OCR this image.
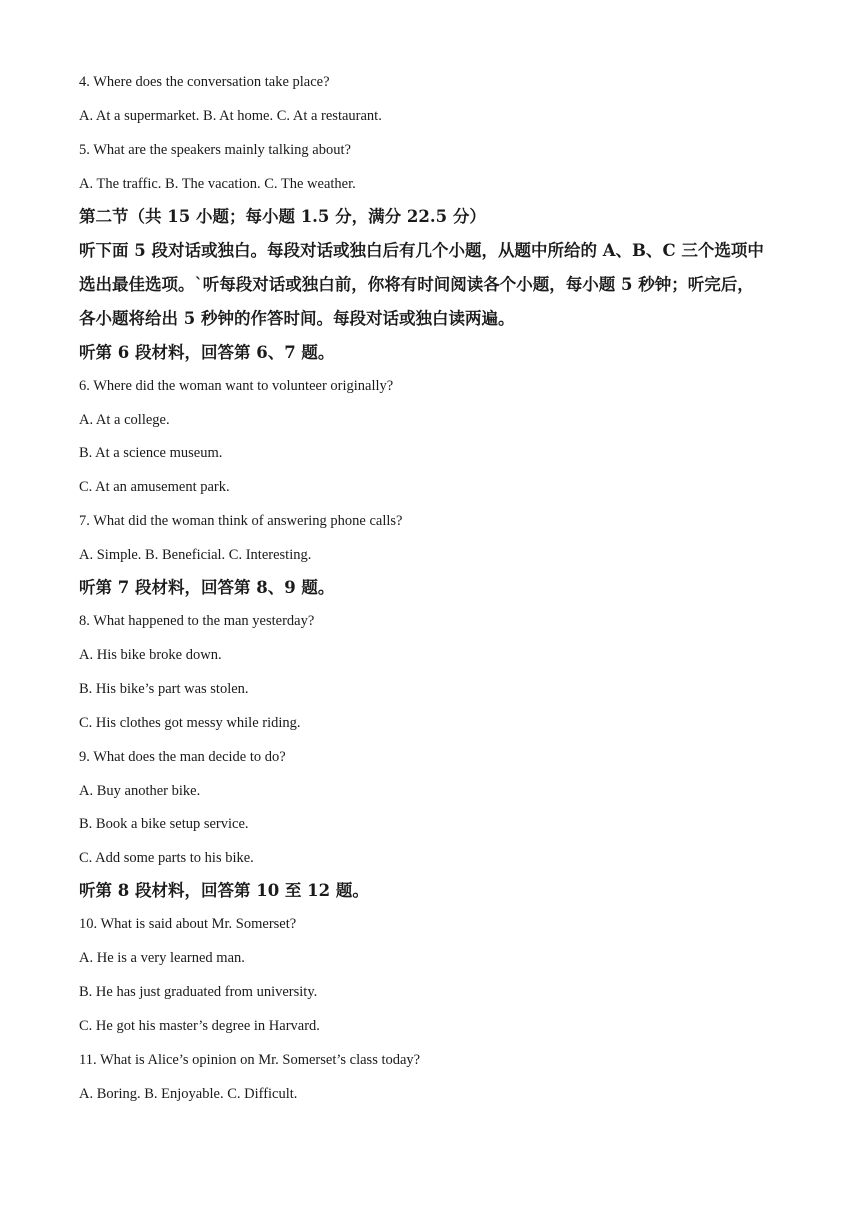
4. Where does the conversation take place?
A. At a supermarket. B. At home. C. At a restaurant.
5. What are the speakers mainly talking about?
A. The traffic. B. The vacation. C. The weather.
第二节（共 15 小题；每小题 1.5 分，满分 22.5 分）
听下面 5 段对话或独白。每段对话或独白后有几个小题，从题中所给的 A、B、C 三个选项中
选出最佳选项。`听每段对话或独白前，你将有时间阅读各个小题，每小题 5 秒钟；听完后，
各小题将给出 5 秒钟的作答时间。每段对话或独白读两遍。
听第 6 段材料，回答第 6、7 题。
6. Where did the woman want to volunteer originally?
A. At a college.
B. At a science museum.
C. At an amusement park.
7. What did the woman think of answering phone calls?
A. Simple. B. Beneficial. C. Interesting.
听第 7 段材料，回答第 8、9 题。
8. What happened to the man yesterday?
A. His bike broke down.
B. His bike’s part was stolen.
C. His clothes got messy while riding.
9. What does the man decide to do?
A. Buy another bike.
B. Book a bike setup service.
C. Add some parts to his bike.
听第 8 段材料，回答第 10 至 12 题。
10. What is said about Mr. Somerset?
A. He is a very learned man.
B. He has just graduated from university.
C. He got his master’s degree in Harvard.
11. What is Alice’s opinion on Mr. Somerset’s class today?
A. Boring. B. Enjoyable. C. Difficult.
